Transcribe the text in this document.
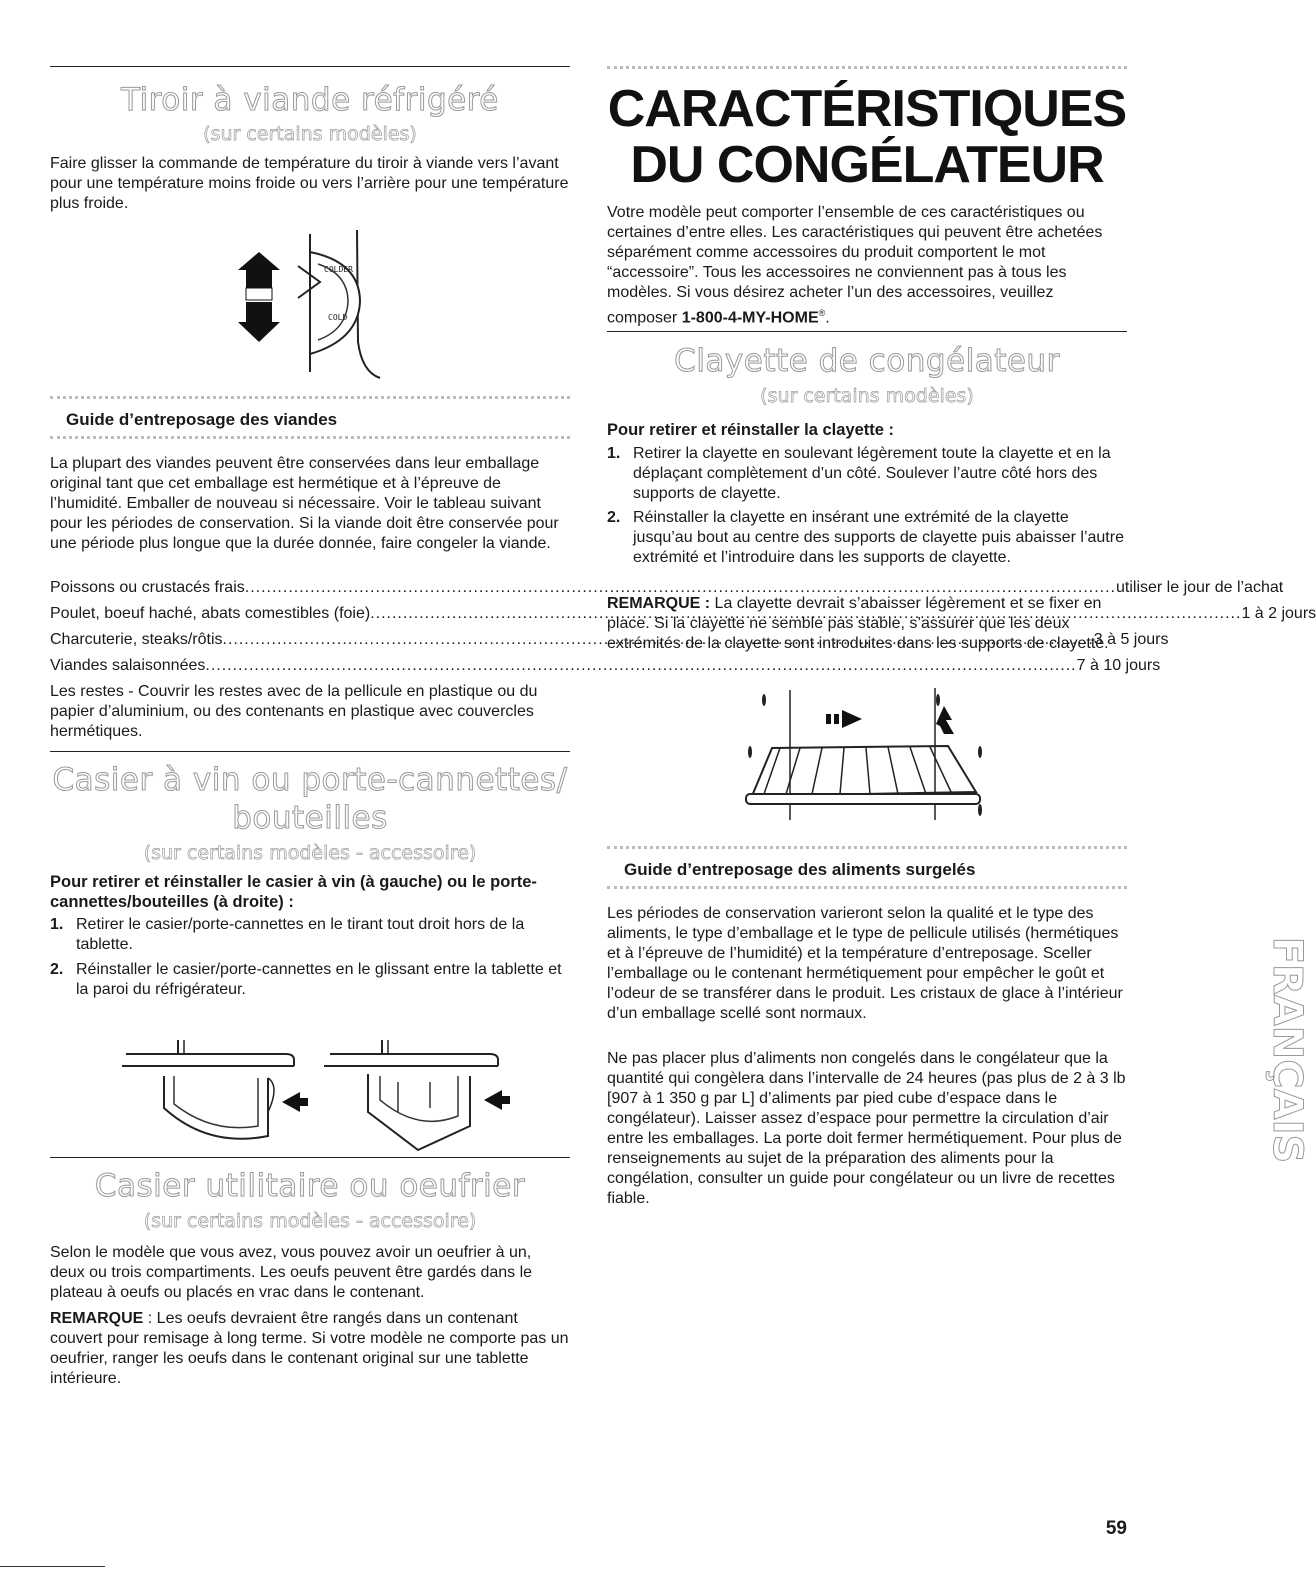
Tiroir à viande réfrigéré
(sur certains modèles)

Faire glisser la commande de température du tiroir à viande vers l’avant pour une température moins froide ou vers l’arrière pour une température plus froide.

COLDER
COLD
Guide d’entreposage des viandes

La plupart des viandes peuvent être conservées dans leur emballage original tant que cet emballage est hermétique et à l’épreuve de l’humidité. Emballer de nouveau si nécessaire. Voir le tableau suivant pour les périodes de conservation. Si la viande doit être conservée pour une période plus longue que la durée donnée, faire congeler la viande.

Poissons ou crustacés frais .....	utiliser le jour de l’achat
Poulet, boeuf haché, abats comestibles (foie) .....	1 à 2 jours
Charcuterie, steaks/rôtis .....	3 à 5 jours
Viandes salaisonnées .....	7 à 10 jours

Les restes - Couvrir les restes avec de la pellicule en plastique ou du papier d’aluminium, ou des contenants en plastique avec couvercles hermétiques.

Casier à vin ou porte-cannettes/
bouteilles
(sur certains modèles - accessoire)
Pour retirer et réinstaller le casier à vin (à gauche) ou le porte-cannettes/bouteilles (à droite) :
1. Retirer le casier/porte-cannettes en le tirant tout droit hors de la tablette.
2. Réinstaller le casier/porte-cannettes en le glissant entre la tablette et la paroi du réfrigérateur.
Casier utilitaire ou oeufrier
(sur certains modèles - accessoire)

Selon le modèle que vous avez, vous pouvez avoir un oeufrier à un, deux ou trois compartiments. Les oeufs peuvent être gardés dans le plateau à oeufs ou placés en vrac dans le contenant.

REMARQUE : Les oeufs devraient être rangés dans un contenant couvert pour remisage à long terme. Si votre modèle ne comporte pas un oeufrier, ranger les oeufs dans le contenant original sur une tablette intérieure.

CARACTÉRISTIQUES
DU CONGÉLATEUR

Votre modèle peut comporter l’ensemble de ces caractéristiques ou certaines d’entre elles. Les caractéristiques qui peuvent être achetées séparément comme accessoires du produit comportent le mot “accessoire”. Tous les accessoires ne conviennent pas à tous les modèles. Si vous désirez acheter l’un des accessoires, veuillez composer 1-800-4-MY-HOME®.

Clayette de congélateur
(sur certains modèles)
Pour retirer et réinstaller la clayette :
1. Retirer la clayette en soulevant légèrement toute la clayette et en la déplaçant complètement d’un côté. Soulever l’autre côté hors des supports de clayette.
2. Réinstaller la clayette en insérant une extrémité de la clayette jusqu’au bout au centre des supports de clayette puis abaisser l’autre extrémité et l’introduire dans les supports de clayette.

REMARQUE : La clayette devrait s’abaisser légèrement et se fixer en place. Si la clayette ne semble pas stable, s’assurer que les deux extrémités de la clayette sont introduites dans les supports de clayette.

Guide d’entreposage des aliments surgelés

Les périodes de conservation varieront selon la qualité et le type des aliments, le type d’emballage et le type de pellicule utilisés (hermétiques et à l’épreuve de l’humidité) et la température d’entreposage. Sceller l’emballage ou le contenant hermétiquement pour empêcher le goût et l’odeur de se transférer dans le produit. Les cristaux de glace à l’intérieur d’un emballage scellé sont normaux.

Ne pas placer plus d’aliments non congelés dans le congélateur que la quantité qui congèlera dans l’intervalle de 24 heures (pas plus de 2 à 3 lb [907 à 1 350 g par L] d’aliments par pied cube d’espace dans le congélateur). Laisser assez d’espace pour permettre la circulation d’air entre les emballages. La porte doit fermer hermétiquement. Pour plus de renseignements au sujet de la préparation des aliments pour la congélation, consulter un guide pour congélateur ou un livre de recettes fiable.

FRANÇAIS
59
